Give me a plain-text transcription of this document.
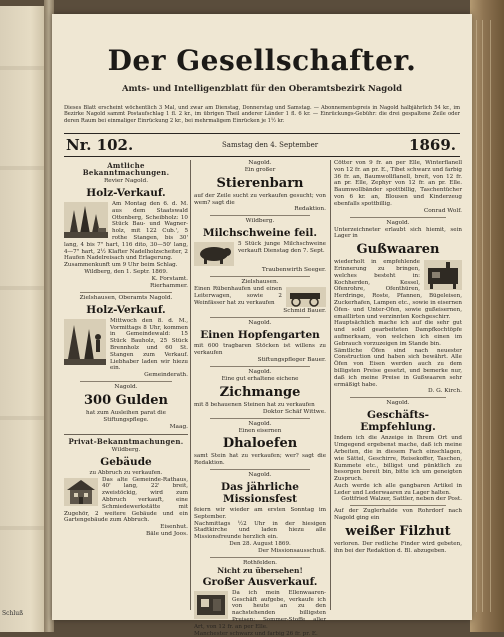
Schluß
Der Gesellschafter.
Amts- und Intelligenzblatt für den Oberamtsbezirk Nagold
Dieses Blatt erscheint wöchentlich 3 Mal, und zwar am Dienstag, Donnerstag und Samstag. — Abonnementspreis in Nagold halbjährlich 54 kr., im Bezirke Nagold sammt Postaufschlag 1 fl. 2 kr., im übrigen Theil anderer Länder 1 fl. 6 kr. — Einrückungs-Gebühr: die drei gespaltene Zeile oder deren Raum bei einmaliger Einrückung 2 kr., bei mehrmaligem Einrücken je 1½ kr.
Nr. 102.	Samstag den 4. September	1869.
Amtliche Bekanntmachungen.
Revier Nagold.
Holz-Verkauf.
Am Montag den 6. d. M. aus dem Staatswald Ottenberg, Scheibholz: 10 Stück Bau- und Wagner-holz, mit 122 Cub.', 5 rothe Stangen, bis 30' lang, 4 bis 7" hart, 116 dito, 30—50' lang, 4—7" hart, 2½ Klafter Nadelholzscheiter, 2 Haufen Nadelreisach und Erlagerung.
Zusammenkunft um 9 Uhr beim Schlag.
Wildberg, den 1. Septr. 1869.
K. Forstamt.
Rierhammer.
Zielshausen, Oberamts Nagold.
Holz-Verkauf.
Mittwoch den 8. d. M., Vormittags 8 Uhr, kommen in Gemeindewald: 15 Stück Bauholz, 25 Stück Brennholz und 60 St. Stangen zum Verkauf. Liebhaber laden wir hiezu ein.
Gemeinderath.
Nagold.
300 Gulden
hat zum Ausleihen parat die Stiftungspflege.
Maag.
Privat-Bekanntmachungen.
Wildberg.
Gebäude
zu Abbruch zu verkaufen.
Das alte Gemeinde-Rathaus, 40' lang, 22' breit, zweistöckig, wird zum Abbruch verkauft, eine Schmiedewerkstätte mit Zugehör, 2 weitere Gebäude und ein Gartengebäude zum Abbruch.
Eisenhut.
Bäle und Joos.
Nagold.
Ein großer
Stierenbarn
auf der Zeile sucht zu verkaufen gesucht; von wem? sagt die
Redaktion.
Wildberg.
Milchschweine feil.
5 Stück junge Milchschweine verkauft Dienstag den 7. Sept.
Traubenwirth Seeger.
Zielshausen.
Einen Rübenhaufen und einen Leiterwagen, sowie 2 Weinfässer hat zu verkaufen
Schmid Bauer.
Nagold.
Einen Hopfengarten
mit 600 tragbaren Stöcken ist willens zu verkaufen
Stiftungspfleger Bauer.
Nagold.
Eine gut erhaltene eichene
Zichmange
mit 8 behauenen Steinen hat zu verkaufen
Doktor Schäf Wittwe.
Nagold.
Einen eisernen
Dhaloefen
samt Stein hat zu verkaufen; wer? sagt die Redaktion.
Nagold.
Das jährliche Missionsfest
feiern wir wieder am ersten Sonntag im September.
Nachmittags ½2 Uhr in der hiesigen Stadtkirche und laden hiezu alle Missionsfreunde herzlich ein.
Den 28. August 1869.
Der Missionsausschuß.
Rothfelden.
Nicht zu übersehen!
Großer Ausverkauf.
Da ich mein Ellenwaaren-Geschäft aufgebe, verkaufe ich von heute an zu den nachstehenden billigsten Preisen: Sommer-Stoffe aller Art, von 12 fr. an per Elle.
Manchester schwarz und farbig 26 fr. pr. E.
Cötter von 9 fr. an per Elle, Winterflanell von 12 fr. an pr. E., Tibet schwarz und farbig 36 fr. an, Baumwollflanell, breit, von 12 fr. an pr. Elle, Zephyr von 12 fr. an pr. Elle. Baumwollbänder spottbillig, Taschentücher von 6 kr. an, Blousen und Kinderzeug ebenfalls spottbillig.
Conrad Wolf.
Nagold.
Unterzeichneter erlaubt sich hiemit, sein Lager in
Gußwaaren
wiederholt in empfehlende Erinnerung zu bringen, welches besteht in: Kochherden, Kessel, Ofenrohre, Ofenthüren, Herdringe, Roste, Pfannen, Bügeleisen, Zuckerhafen, Lampen etc., sowie in eisernen Öfen- und Unter-Ofen, sowie gußeisernen, emaillirten und verzinnten Kochgeschirr.
Hauptsächlich mache ich auf die sehr gut und solid gearbeiteten Dampfkochtöpfe aufmerksam, von welchen ich einen im Gebrauch vorzuzeigen im Stande bin.
Sämtliche Öfen sind nach neuester Construction und haben sich bewährt. Alle Öfen von Eisen werden auch zu dem billigsten Preise gesetzt, und bemerke nur, daß ich meine Preise in Gußwaaren sehr ermäßigt habe.
D. G. Kirch.
Nagold.
Geschäfts-Empfehlung.
Indem ich die Anzeige in Ihrem Ort und Umgegend ergebenst mache, daß ich meine Arbeiten, die in diesem Fach einschlagen, wie Sättel, Geschirre, Reisekoffer, Taschen, Kummete etc., billigst und pünktlich zu besorgen bereit bin, bitte ich um geneigten Zuspruch.
Auch werde ich alle gangbaren Artikel in Leder und Lederwaaren zu Lager halten.
Gottfried Walzer, Sattler, neben der Post.
Auf der Zuglerhalde von Rohrdorf nach Nagold ging ein
weißer Filzhut
verloren. Der redliche Finder wird gebeten, ihn bei der Redaktion d. Bl. abzugeben.
